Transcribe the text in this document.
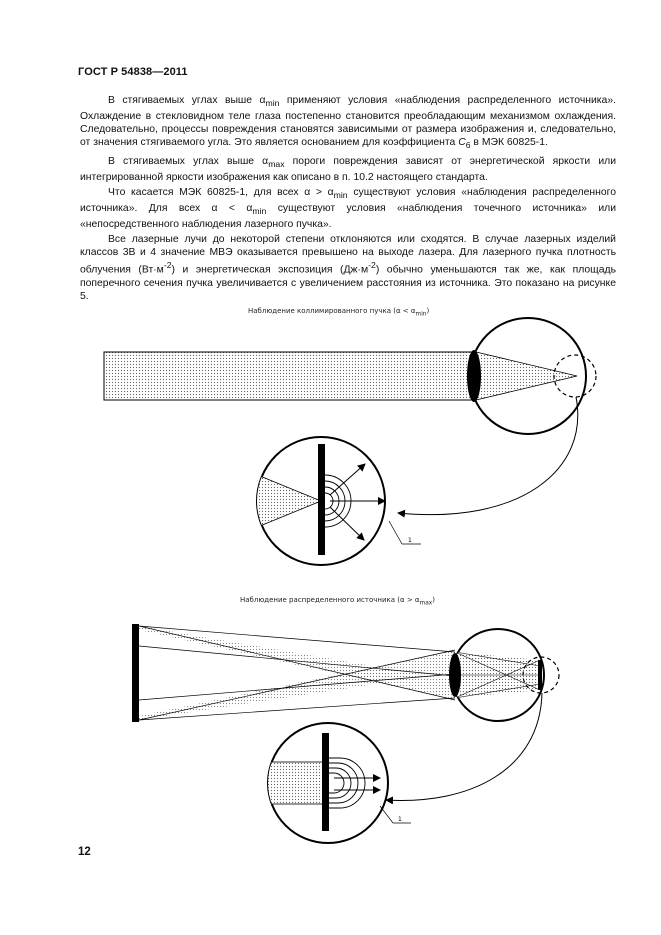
ГОСТ Р 54838—2011

В стягиваемых углах выше $\alpha_{min}$ применяют условия «наблюдения распределенного источника». Охлаждение в стекловидном теле глаза постепенно становится преобладающим механизмом охлаждения. Следовательно, процессы повреждения становятся зависимыми от размера изображения и, следовательно, от значения стягиваемого угла. Это является основанием для коэффициента $C_6$ в МЭК 60825-1.

В стягиваемых углах выше $\alpha_{max}$ пороги повреждения зависят от энергетической яркости или интегрированной яркости изображения как описано в п. 10.2 настоящего стандарта.

Что касается МЭК 60825-1, для всех $\alpha > \alpha_{min}$ существуют условия «наблюдения распределенного источника». Для всех $\alpha < \alpha_{min}$ существуют условия «наблюдения точечного источника» или «непосредственного наблюдения лазерного пучка».

Все лазерные лучи до некоторой степени отклоняются или сходятся. В случае лазерных изделий классов 3B и 4 значение МВЭ оказывается превышено на выходе лазера. Для лазерного пучка плотность облучения $(Вт\cdot м^{-2})$ и энергетическая экспозиция $(Дж\cdot м^{-2})$ обычно уменьшаются так же, как площадь поперечного сечения пучка увеличивается с увеличением расстояния из источника. Это показано на рисунке 5.

Наблюдение коллимированного пучка $(\alpha < \alpha_{min})$
Наблюдение распределенного источника $(\alpha > \alpha_{max})$
1
1
12
